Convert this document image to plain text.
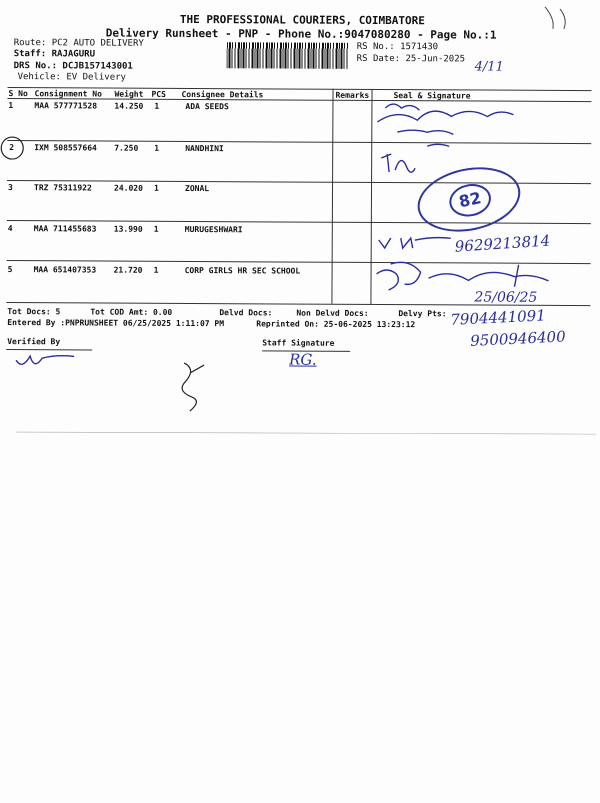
THE PROFESSIONAL COURIERS, COIMBATORE
Delivery Runsheet - PNP - Phone No.:9047080280 - Page No.:1
Route: PC2 AUTO DELIVERY
Staff: RAJAGURU
DRS No.: DCJB157143001
Vehicle: EV Delivery
RS No.: 1571430
RS Date: 25-Jun-2025
4/11
S No Consignment No Weight PCS Consignee Details	Remarks	Seal & Signature
1	MAA 577771528 14.250 1	ADA SEEDS
2	IXM 508557664 7.250 1	NANDHINI
3	TRZ 75311922	24.020 1	ZONAL
4	MAA 711455683 13.990 1	MURUGESHWARI
5	MAA 651407353 21.720 1	CORP GIRLS HR SEC SCHOOL
82
9629213814
25/06/25
7904441091
9500946400
RG.
Tot Docs: 5	Tot COD Amt: 0.00	Delvd Docs:	Non Delvd Docs:	Delvy Pts:
Entered By :PNPRUNSHEET 06/25/2025 1:11:07 PM	Reprinted On: 25-06-2025 13:23:12
Verified By	Staff Signature
